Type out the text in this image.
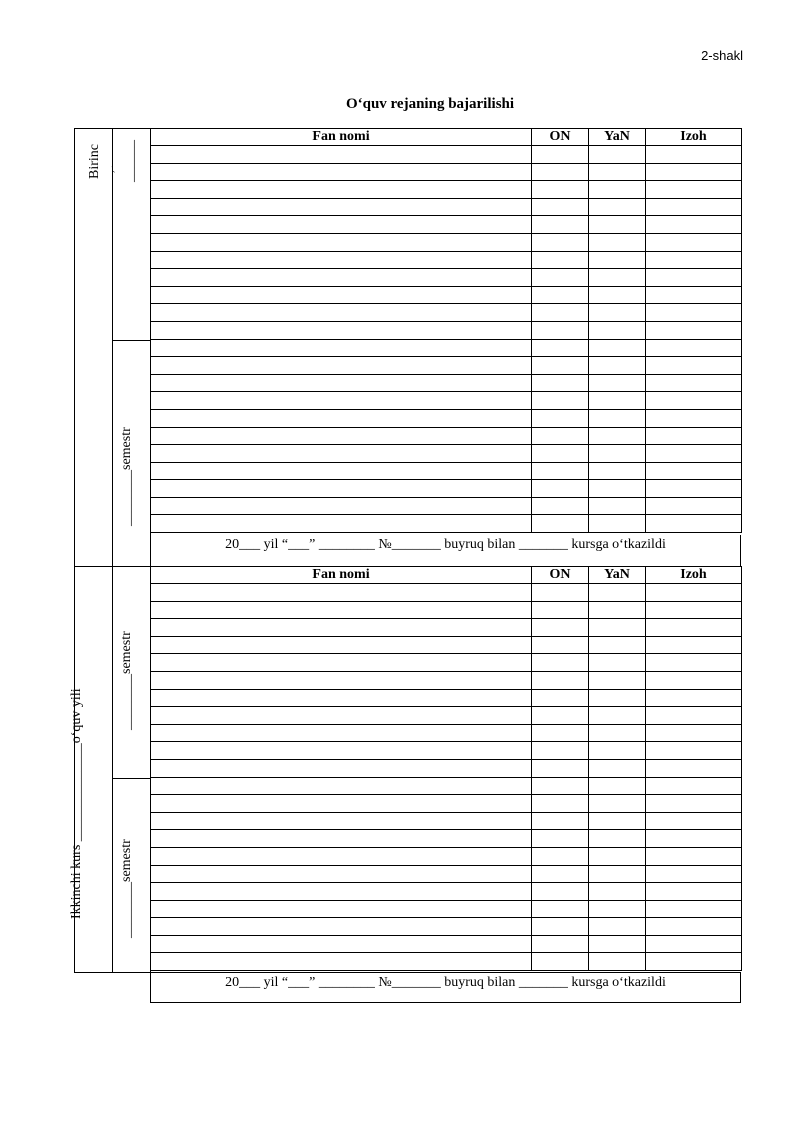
2-shakl
O‘quv rejaning bajarilishi
Birinc , . ______
________semestr
Ikkinchi kurs ______________o‘quv yili
________semestr
________semestr
Fan nomi	ON	YaN	Izoh

20___ yil “___” ________ №_______ buyruq bilan _______ kursga o‘tkazildi
Fan nomi	ON	YaN	Izoh

20___ yil “___” ________ №_______ buyruq bilan _______ kursga o‘tkazildi
